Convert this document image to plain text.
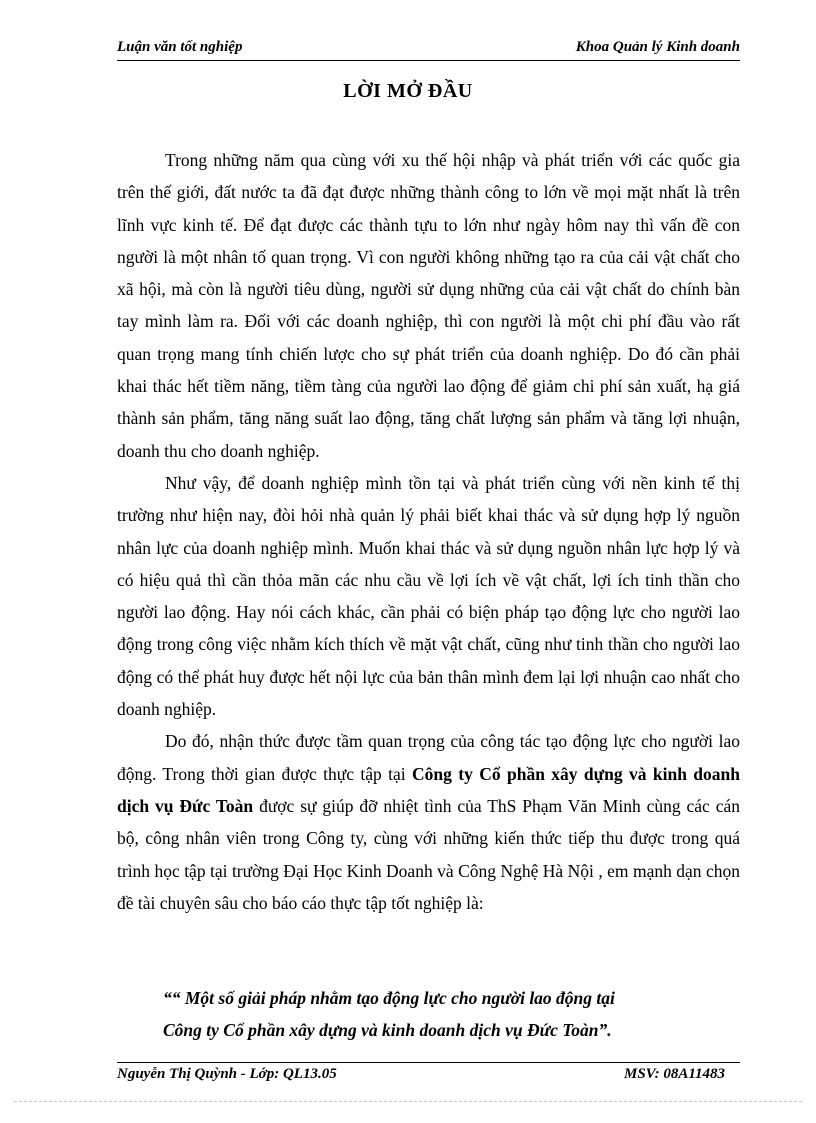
Luận văn tốt nghiệp	Khoa Quản lý Kinh doanh
LỜI MỞ ĐẦU

Trong những năm qua cùng với xu thế hội nhập và phát triển với các quốc gia trên thế giới, đất nước ta đã đạt được những thành công to lớn về mọi mặt nhất là trên lĩnh vực kinh tế. Để đạt được các thành tựu to lớn như ngày hôm nay thì vấn đề con người là một nhân tố quan trọng. Vì con người không những tạo ra của cải vật chất cho xã hội, mà còn là người tiêu dùng, người sử dụng những của cải vật chất do chính bàn tay mình làm ra. Đối với các doanh nghiệp, thì con người là một chi phí đầu vào rất quan trọng mang tính chiến lược cho sự phát triển của doanh nghiệp. Do đó cần phải khai thác hết tiềm năng, tiềm tàng của người lao động để giảm chi phí sản xuất, hạ giá thành sản phẩm, tăng năng suất lao động, tăng chất lượng sản phẩm và tăng lợi nhuận, doanh thu cho doanh nghiệp.

Như vậy, để doanh nghiệp mình tồn tại và phát triển cùng với nền kinh tế thị trường như hiện nay, đòi hỏi nhà quản lý phải biết khai thác và sử dụng hợp lý nguồn nhân lực của doanh nghiệp mình. Muốn khai thác và sử dụng nguồn nhân lực hợp lý và có hiệu quả thì cần thỏa mãn các nhu cầu về lợi ích về vật chất, lợi ích tinh thần cho người lao động. Hay nói cách khác, cần phải có biện pháp tạo động lực cho người lao động trong công việc nhằm kích thích về mặt vật chất, cũng như tinh thần cho người lao động có thể phát huy được hết nội lực của bản thân mình đem lại lợi nhuận cao nhất cho doanh nghiệp.

Do đó, nhận thức được tầm quan trọng của công tác tạo động lực cho người lao động. Trong thời gian được thực tập tại Công ty Cổ phần xây dựng và kinh doanh dịch vụ Đức Toàn được sự giúp đỡ nhiệt tình của ThS Phạm Văn Minh cùng các cán bộ, công nhân viên trong Công ty, cùng với những kiến thức tiếp thu được trong quá trình học tập tại trường Đại Học Kinh Doanh và Công Nghệ Hà Nội , em mạnh dạn chọn đề tài chuyên sâu cho báo cáo thực tập tốt nghiệp là:

““ Một số giải pháp nhằm tạo động lực cho người lao động tại
Công ty Cổ phần xây dựng và kinh doanh dịch vụ Đức Toàn”.
Nguyễn Thị Quỳnh - Lớp: QL13.05	MSV: 08A11483
